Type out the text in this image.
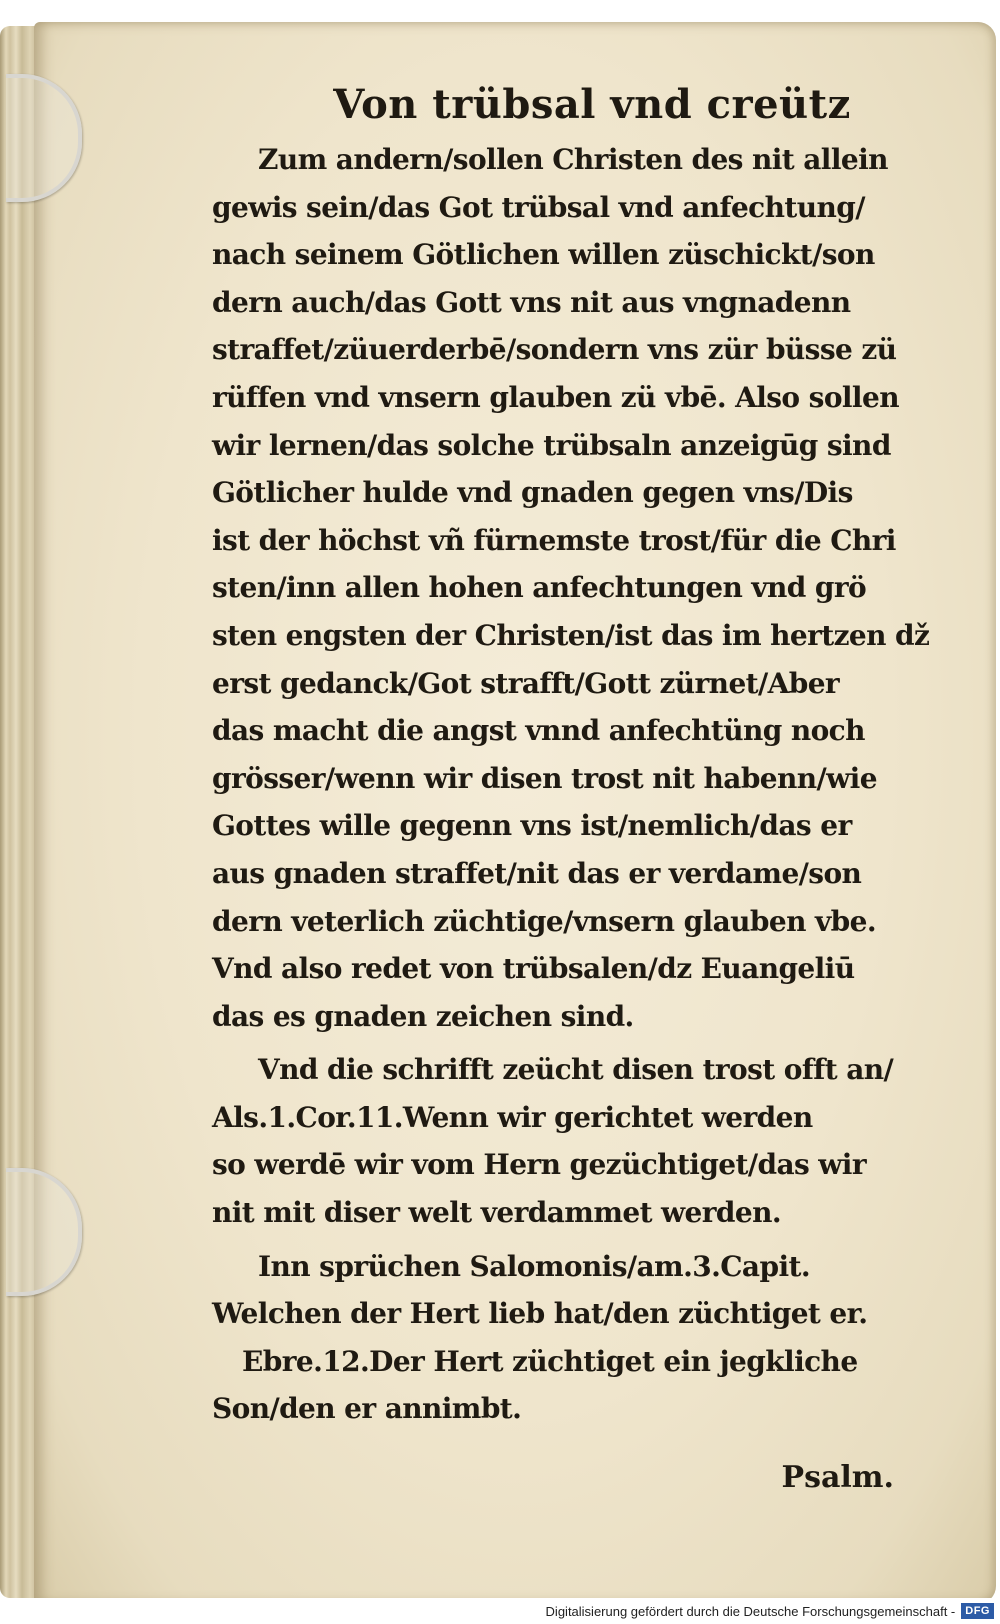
Von trübsal vnd creütz
Zum andern/sollen Christen des nit allein
gewis sein/das Got trübsal vnd anfechtung/
nach seinem Götlichen willen züschickt/son
dern auch/das Gott vns nit aus vngnadenn
straffet/züuerderbē/sondern vns zür büsse zü
rüffen vnd vnsern glauben zü vbē. Also sollen
wir lernen/das solche trübsaln anzeigūg sind
Götlicher hulde vnd gnaden gegen vns/Dis
ist der höchst vñ fürnemste trost/für die Chri
sten/inn allen hohen anfechtungen vnd grö
sten engsten der Christen/ist das im hertzen dž
erst gedanck/Got strafft/Gott zürnet/Aber
das macht die angst vnnd anfechtüng noch
grösser/wenn wir disen trost nit habenn/wie
Gottes wille gegenn vns ist/nemlich/das er
aus gnaden straffet/nit das er verdame/son
dern veterlich züchtige/vnsern glauben vbe.
Vnd also redet von trübsalen/dz Euangeliū
das es gnaden zeichen sind.
Vnd die schrifft zeücht disen trost offt an/
Als.1.Cor.11.Wenn wir gerichtet werden
so werdē wir vom Hern gezüchtiget/das wir
nit mit diser welt verdammet werden.
Inn sprüchen Salomonis/am.3.Capit.
Welchen der Hert lieb hat/den züchtiget er.
Ebre.12.Der Hert züchtiget ein jegkliche
Son/den er annimbt.
Psalm.
Digitalisierung gefördert durch die Deutsche Forschungsgemeinschaft - DFG
